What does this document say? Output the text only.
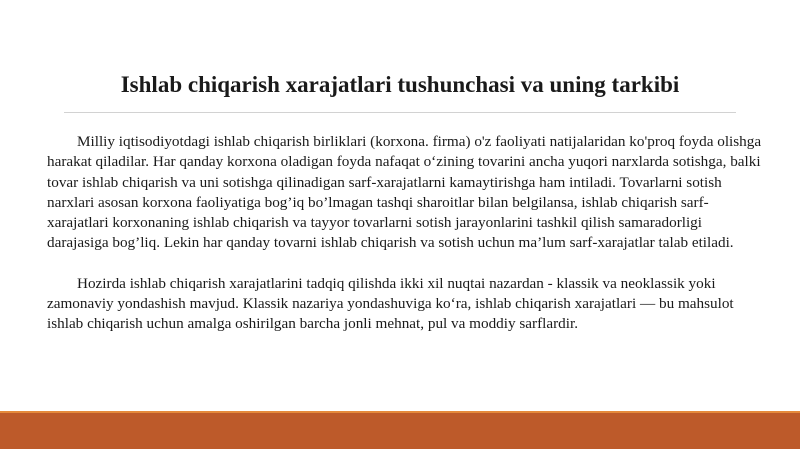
Ishlab chiqarish xarajatlari tushunchasi va uning tarkibi

Milliy iqtisodiyotdagi ishlab chiqarish birliklari (korxona. firma) o'z faoliyati natijalaridan ko'proq foyda olishga harakat qiladilar. Har qanday korxona oladigan foyda nafaqat o‘zining tovarini ancha yuqori narxlarda sotishga, balki tovar ishlab chiqarish va uni sotishga qilinadigan sarf-xarajatlarni kamaytirishga ham intiladi. Tovarlarni sotish narxlari asosan korxona faoliyatiga bog’iq bo’lmagan tashqi sharoitlar bilan belgilansa, ishlab chiqarish sarf-xarajatlari korxonaning ishlab chiqarish va tayyor tovarlarni sotish jarayonlarini tashkil qilish samaradorligi darajasiga bog’liq. Lekin har qanday tovarni ishlab chiqarish va sotish uchun ma’lum sarf-xarajatlar talab etiladi.

Hozirda ishlab chiqarish xarajatlarini tadqiq qilishda ikki xil nuqtai nazardan - klassik va neoklassik yoki zamonaviy yondashish mavjud. Klassik nazariya yondashuviga ko‘ra, ishlab chiqarish xarajatlari — bu mahsulot ishlab chiqarish uchun amalga oshirilgan barcha jonli mehnat, pul va moddiy sarflardir.
